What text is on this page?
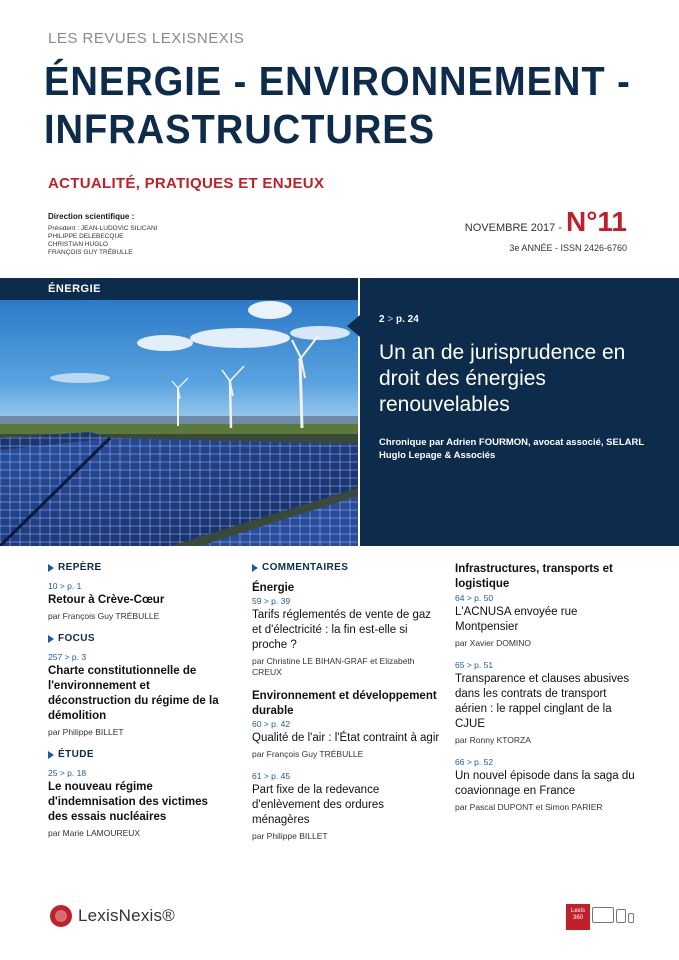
LES REVUES LEXISNEXIS
ÉNERGIE - ENVIRONNEMENT -
INFRASTRUCTURES
ACTUALITÉ, PRATIQUES ET ENJEUX
Direction scientifique :
Président : JEAN-LUDOVIC SILICANI
PHILIPPE DELEBECQUE
CHRISTIAN HUGLO
FRANÇOIS GUY TRÉBULLE
NOVEMBRE 2017 - N°11
3e ANNÉE - ISSN 2426-6760
ÉNERGIE
2 > p. 24
Un an de jurisprudence en droit des énergies renouvelables
Chronique par Adrien FOURMON, avocat associé, SELARL Huglo Lepage & Associés
REPÈRE
10 > p. 1
Retour à Crève-Cœur
par François Guy TRÉBULLE
FOCUS
257 > p. 3
Charte constitutionnelle de l'environnement et déconstruction du régime de la démolition
par Philippe BILLET
ÉTUDE
25 > p. 18
Le nouveau régime d'indemnisation des victimes des essais nucléaires
par Marie LAMOUREUX
COMMENTAIRES
Énergie
59 > p. 39
Tarifs réglementés de vente de gaz et d'électricité : la fin est-elle si proche ?
par Christine LE BIHAN-GRAF et Elizabeth CREUX
Environnement et développement durable
60 > p. 42
Qualité de l'air : l'État contraint à agir
par François Guy TRÉBULLE
61 > p. 45
Part fixe de la redevance d'enlèvement des ordures ménagères
par Philippe BILLET
Infrastructures, transports et logistique
64 > p. 50
L'ACNUSA envoyée rue Montpensier
par Xavier DOMINO
65 > p. 51
Transparence et clauses abusives dans les contrats de transport aérien : le rappel cinglant de la CJUE
par Ronny KTORZA
66 > p. 52
Un nouvel épisode dans la saga du coavionnage en France
par Pascal DUPONT et Simon PARIER
LexisNexis®	Lexis
360
